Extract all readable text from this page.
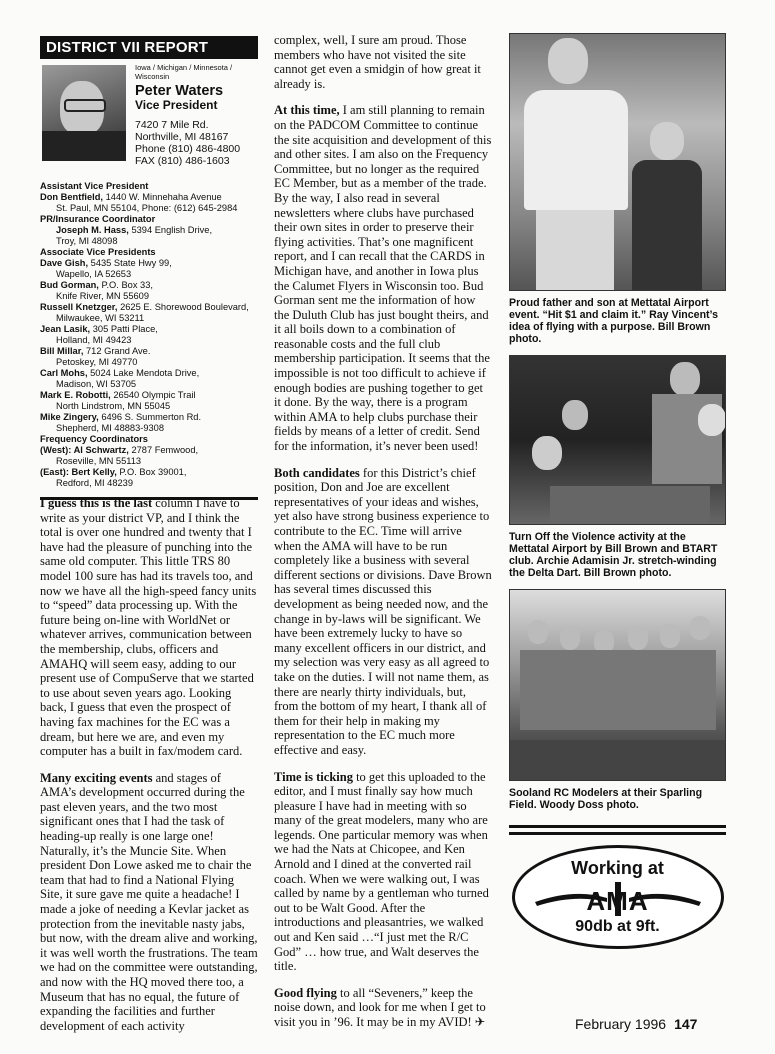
DISTRICT VII REPORT
Iowa / Michigan / Minnesota / Wisconsin
Peter Waters
Vice President
7420 7 Mile Rd.
Northville, MI 48167
Phone (810) 486-4800
FAX (810) 486-1603
Assistant Vice President
Don Bentfield, 1440 W. Minnehaha Avenue
St. Paul, MN 55104, Phone: (612) 645-2984
PR/Insurance Coordinator
Joseph M. Hass, 5394 English Drive,
Troy, MI 48098
Associate Vice Presidents
Dave Gish, 5435 State Hwy 99,
Wapello, IA 52653
Bud Gorman, P.O. Box 33,
Knife River, MN 55609
Russell Knetzger, 2625 E. Shorewood Boulevard,
Milwaukee, WI 53211
Jean Lasik, 305 Patti Place,
Holland, MI 49423
Bill Millar, 712 Grand Ave.
Petoskey, MI 49770
Carl Mohs, 5024 Lake Mendota Drive,
Madison, WI 53705
Mark E. Robotti, 26540 Olympic Trail
North Lindstrom, MN 55045
Mike Zingery, 6496 S. Summerton Rd.
Shepherd, MI 48883-9308
Frequency Coordinators
(West): Al Schwartz, 2787 Femwood,
Roseville, MN 55113
(East): Bert Kelly, P.O. Box 39001,
Redford, MI 48239

I guess this is the last column I have to write as your district VP, and I think the total is over one hundred and twenty that I have had the pleasure of punching into the same old computer. This little TRS 80 model 100 sure has had its travels too, and now we have all the high-speed fancy units to “speed” data processing up. With the future being on-line with WorldNet or whatever arrives, communication between the membership, clubs, officers and AMAHQ will seem easy, adding to our present use of CompuServe that we started to use about seven years ago. Looking back, I guess that even the prospect of having fax machines for the EC was a dream, but here we are, and even my computer has a built in fax/modem card.

Many exciting events and stages of AMA’s development occurred during the past eleven years, and the two most significant ones that I had the task of heading-up really is one large one! Naturally, it’s the Muncie Site. When president Don Lowe asked me to chair the team that had to find a National Flying Site, it sure gave me quite a headache! I made a joke of needing a Kevlar jacket as protection from the inevitable nasty jabs, but now, with the dream alive and working, it was well worth the frustrations. The team we had on the committee were outstanding, and now with the HQ moved there too, a Museum that has no equal, the future of expanding the facilities and further development of each activity

complex, well, I sure am proud. Those members who have not visited the site cannot get even a smidgin of how great it already is.

At this time, I am still planning to remain on the PADCOM Committee to continue the site acquisition and development of this and other sites. I am also on the Frequency Committee, but no longer as the required EC Member, but as a member of the trade. By the way, I also read in several newsletters where clubs have purchased their own sites in order to preserve their flying activities. That’s one magnificent report, and I can recall that the CARDS in Michigan have, and another in Iowa plus the Calumet Flyers in Wisconsin too. Bud Gorman sent me the information of how the Duluth Club has just bought theirs, and it all boils down to a combination of reasonable costs and the full club membership participation. It seems that the impossible is not too difficult to achieve if enough bodies are pushing together to get it done. By the way, there is a program within AMA to help clubs purchase their fields by means of a letter of credit. Send for the information, it’s never been used!

Both candidates for this District’s chief position, Don and Joe are excellent representatives of your ideas and wishes, yet also have strong business experience to contribute to the EC. Time will arrive when the AMA will have to be run completely like a business with several different sections or divisions. Dave Brown has several times discussed this development as being needed now, and the change in by-laws will be significant. We have been extremely lucky to have so many excellent officers in our district, and my selection was very easy as all agreed to take on the duties. I will not name them, as there are nearly thirty individuals, but, from the bottom of my heart, I thank all of them for their help in making my representation to the EC much more effective and easy.

Time is ticking to get this uploaded to the editor, and I must finally say how much pleasure I have had in meeting with so many of the great modelers, many who are legends. One particular memory was when we had the Nats at Chicopee, and Ken Arnold and I dined at the converted rail coach. When we were walking out, I was called by name by a gentleman who turned out to be Walt Good. After the introductions and pleasantries, we walked out and Ken said …“I just met the R/C God” … how true, and Walt deserves the title.

Good flying to all “Seveners,” keep the noise down, and look for me when I get to visit you in ’96. It may be in my AVID! ✈

Proud father and son at Mettatal Airport event. “Hit $1 and claim it.” Ray Vincent’s idea of flying with a purpose. Bill Brown photo.
Turn Off the Violence activity at the Mettatal Airport by Bill Brown and BTART club. Archie Adamisin Jr. stretch-winding the Delta Dart. Bill Brown photo.
Sooland RC Modelers at their Sparling Field. Woody Doss photo.
Working at
AMA
90db at 9ft.
February 1996 147
